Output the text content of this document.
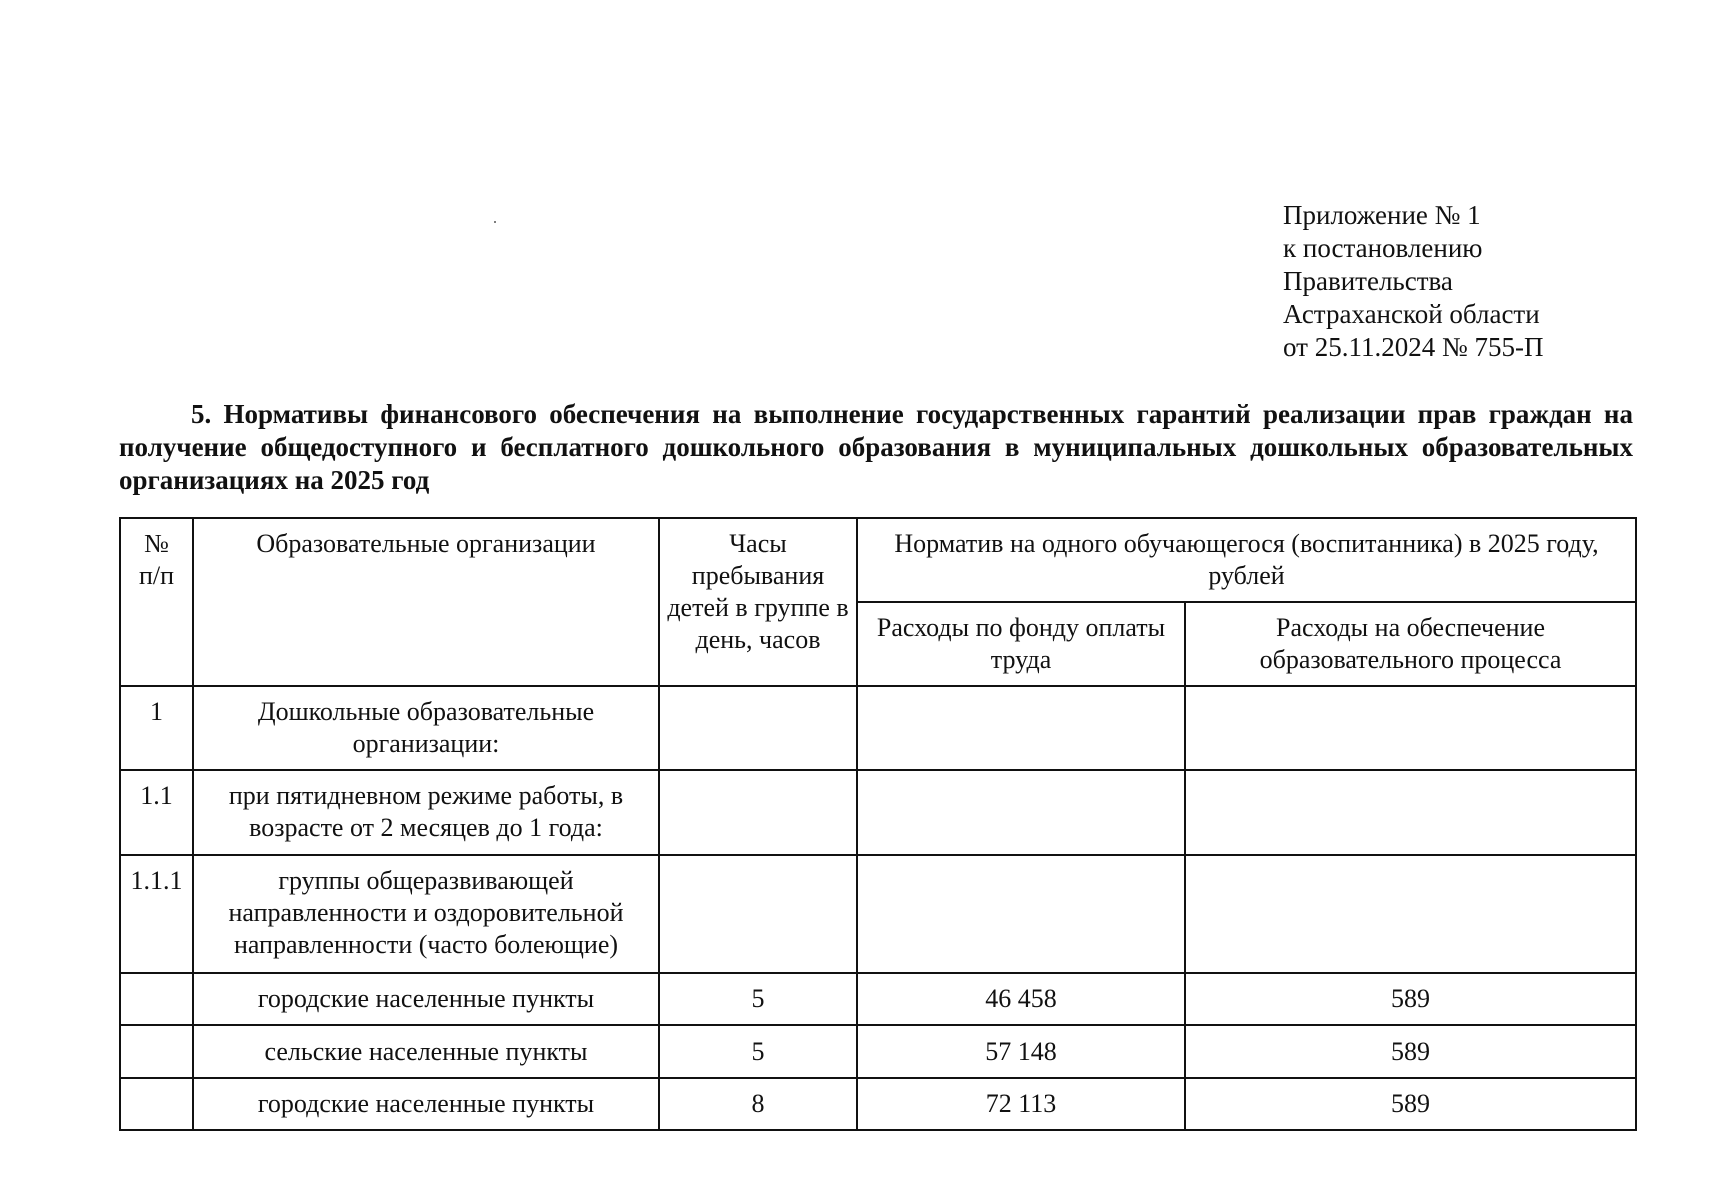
Приложение № 1
к постановлению
Правительства
Астраханской области
от 25.11.2024 № 755-П
5. Нормативы финансового обеспечения на выполнение государственных гарантий реализации прав граждан на получение общедоступного и бесплатного дошкольного образования в муниципальных дошкольных образовательных организациях на 2025 год
№ п/п	Образовательные организации	Часы пребывания детей в группе в день, часов	Норматив на одного обучающегося (воспитанника) в 2025 году, рублей	
			Расходы по фонду оплаты труда	Расходы на обеспечение образовательного процесса
1	Дошкольные образовательные организации:			
1.1	при пятидневном режиме работы, в возрасте от 2 месяцев до 1 года:			
1.1.1	группы общеразвивающей направленности и оздоровительной направленности (часто болеющие)			
	городские населенные пункты	5	46 458	589
	сельские населенные пункты	5	57 148	589
	городские населенные пункты	8	72 113	589
